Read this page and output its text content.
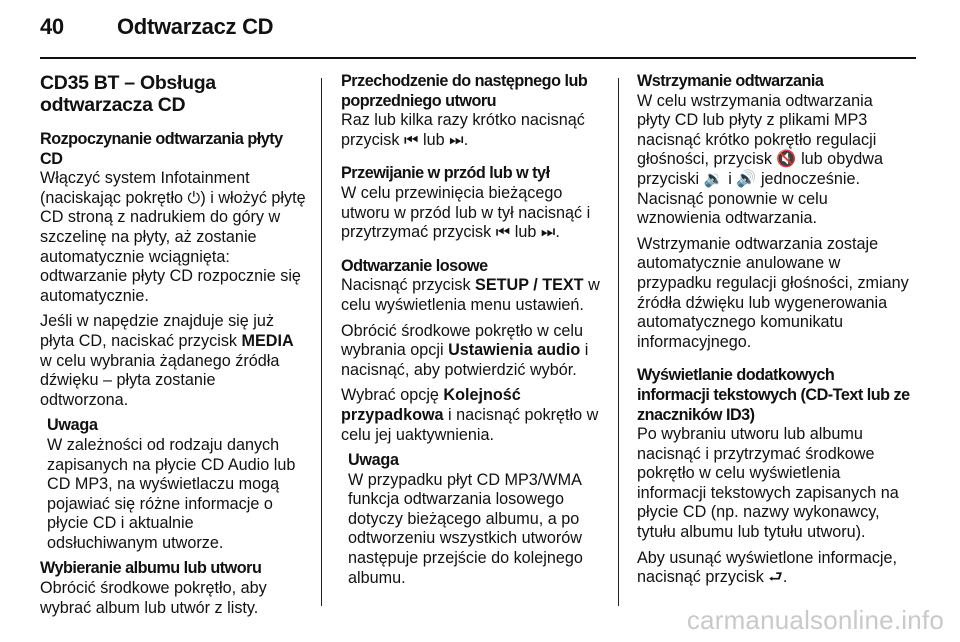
40 Odtwarzacz CD
CD35 BT – Obsługa odtwarzacza CD
Rozpoczynanie odtwarzania płyty CD

Włączyć system Infotainment (naciskając pokrętło ⏻) i włożyć płytę CD stroną z nadrukiem do góry w szczelinę na płyty, aż zostanie automatycznie wciągnięta: odtwarzanie płyty CD rozpocznie się automatycznie.

Jeśli w napędzie znajduje się już płyta CD, naciskać przycisk MEDIA w celu wybrania żądanego źródła dźwięku – płyta zostanie odtworzona.

Uwaga

W zależności od rodzaju danych zapisanych na płycie CD Audio lub CD MP3, na wyświetlaczu mogą pojawiać się różne informacje o płycie CD i aktualnie odsłuchiwanym utworze.

Wybieranie albumu lub utworu

Obrócić środkowe pokrętło, aby wybrać album lub utwór z listy.

Przechodzenie do następnego lub poprzedniego utworu

Raz lub kilka razy krótko nacisnąć przycisk ⏮ lub ⏭.

Przewijanie w przód lub w tył

W celu przewinięcia bieżącego utworu w przód lub w tył nacisnąć i przytrzymać przycisk ⏮ lub ⏭.

Odtwarzanie losowe

Nacisnąć przycisk SETUP / TEXT w celu wyświetlenia menu ustawień.

Obrócić środkowe pokrętło w celu wybrania opcji Ustawienia audio i nacisnąć, aby potwierdzić wybór.

Wybrać opcję Kolejność przypadkowa i nacisnąć pokrętło w celu jej uaktywnienia.

Uwaga

W przypadku płyt CD MP3/WMA funkcja odtwarzania losowego dotyczy bieżącego albumu, a po odtworzeniu wszystkich utworów następuje przejście do kolejnego albumu.

Wstrzymanie odtwarzania

W celu wstrzymania odtwarzania płyty CD lub płyty z plikami MP3 nacisnąć krótko pokrętło regulacji głośności, przycisk 🔇 lub obydwa przyciski 🔉 i 🔊 jednocześnie. Nacisnąć ponownie w celu wznowienia odtwarzania.

Wstrzymanie odtwarzania zostaje automatycznie anulowane w przypadku regulacji głośności, zmiany źródła dźwięku lub wygenerowania automatycznego komunikatu informacyjnego.

Wyświetlanie dodatkowych informacji tekstowych (CD-Text lub ze znaczników ID3)

Po wybraniu utworu lub albumu nacisnąć i przytrzymać środkowe pokrętło w celu wyświetlenia informacji tekstowych zapisanych na płycie CD (np. nazwy wykonawcy, tytułu albumu lub tytułu utworu).

Aby usunąć wyświetlone informacje, nacisnąć przycisk ⮐.

carmanualsonline.info
